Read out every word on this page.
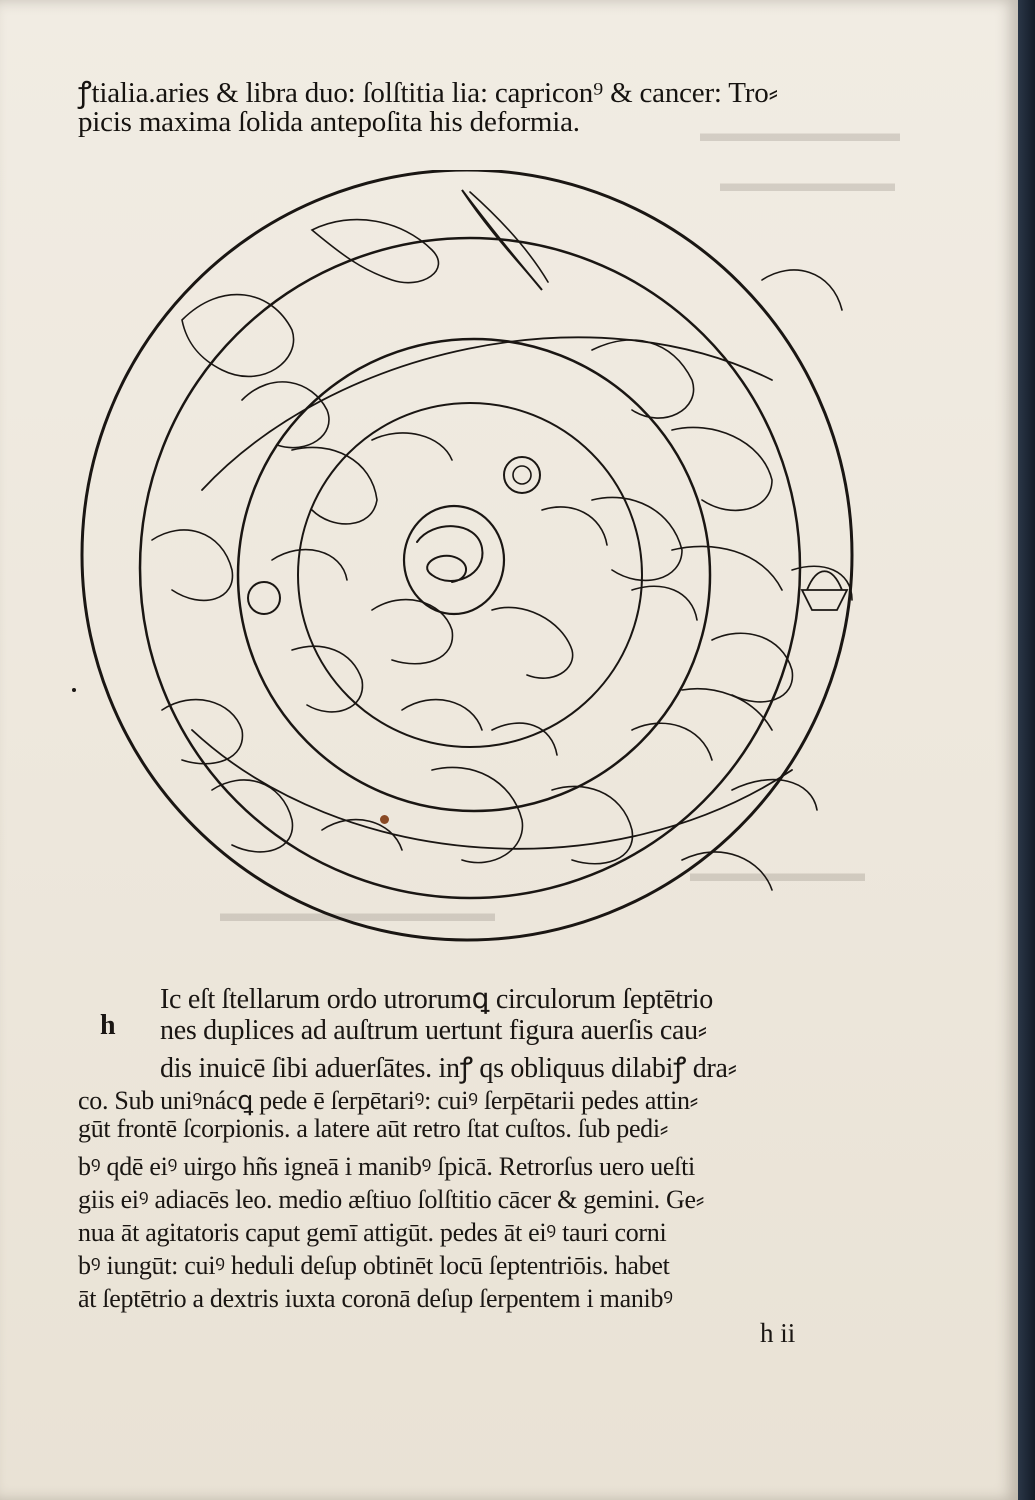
▬▬▬▬▬▬▬▬
▬▬▬▬▬▬▬
▬▬▬▬▬▬▬
▬▬▬▬▬▬▬▬▬▬▬
ꝭtialia.aries & libra duo: ſolſtitia lia: capricon⁹ & cancer: Tro⸗
picis maxima ſolida antepoſita his deformia.
h
Ic eſt ſtellarum ordo utrorumꝗ circulorum ſeptētrio
nes duplices ad auſtrum uertunt figura auerſis cau⸗
dis inuicē ſibi aduerſātes. inꝭ qs obliquus dilabiꝭ dra⸗
co. Sub uniꝰnácꝗ pede ē ſerpētariꝰ: cuiꝰ ſerpētarii pedes attin⸗
gūt frontē ſcorpionis. a latere aūt retro ſtat cuſtos. ſub pedi⸗
bꝰ qdē eiꝰ uirgo hñs igneā i manibꝰ ſpicā. Retrorſus uero ueſti
giis eiꝰ adiacēs leo. medio æſtiuo ſolſtitio cācer & gemini. Ge⸗
nua āt agitatoris caput gemī attigūt. pedes āt eiꝰ tauri corni
bꝰ iungūt: cuiꝰ heduli deſup obtinēt locū ſeptentriōis. habet
āt ſeptētrio a dextris iuxta coronā deſup ſerpentem i manibꝰ
h ii
